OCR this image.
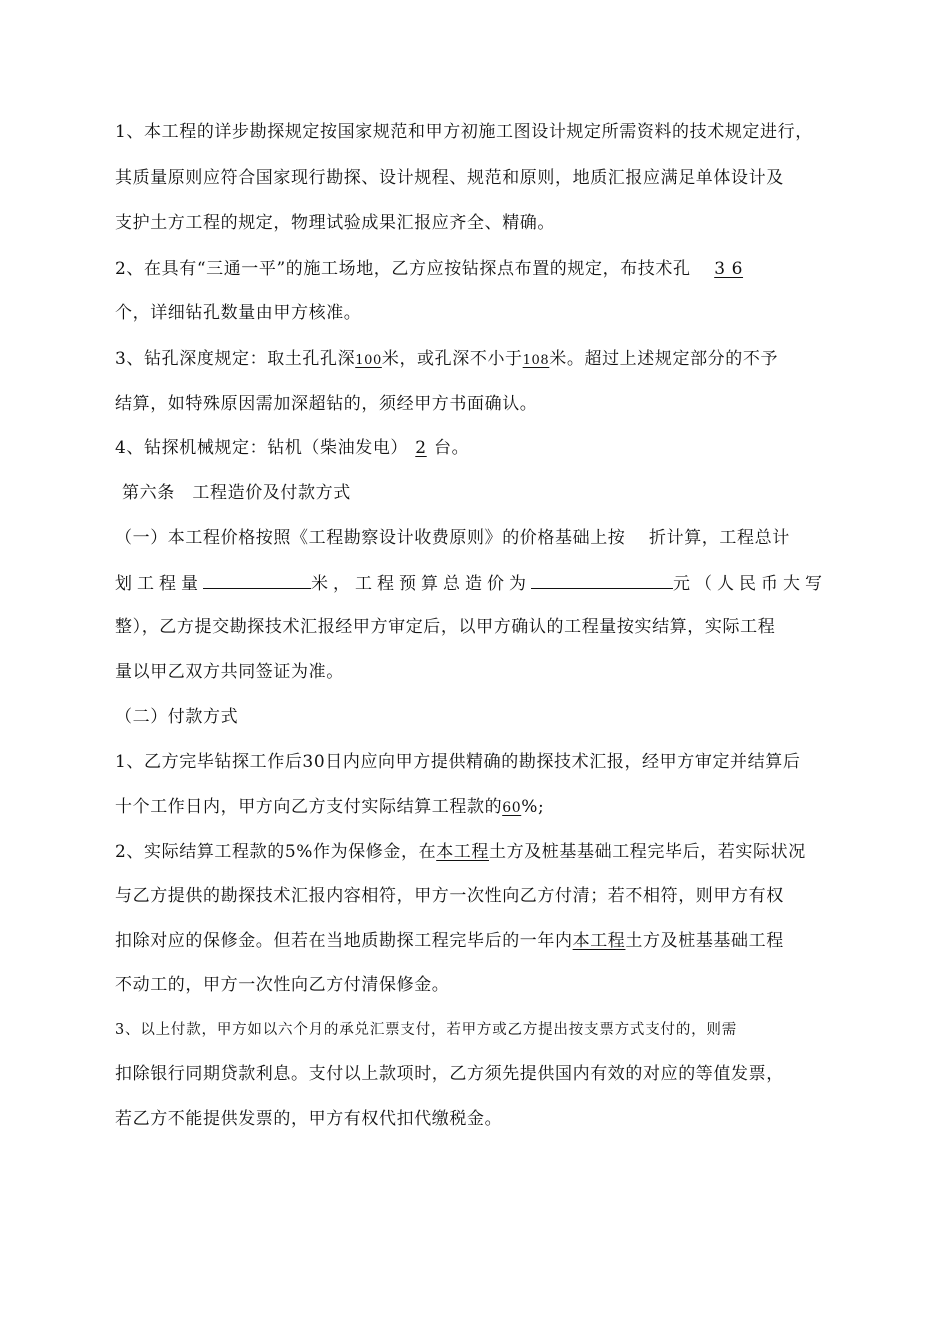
1、本工程的详步勘探规定按国家规范和甲方初施工图设计规定所需资料的技术规定进行，
其质量原则应符合国家现行勘探、设计规程、规范和原则，地质汇报应满足单体设计及
支护土方工程的规定，物理试验成果汇报应齐全、精确。
2、在具有“三通一平”的施工场地，乙方应按钻探点布置的规定，布技术孔 3 6
个，详细钻孔数量由甲方核准。
3、钻孔深度规定：取土孔孔深100米，或孔深不小于108米。超过上述规定部分的不予
结算，如特殊原因需加深超钻的，须经甲方书面确认。
4、钻探机械规定：钻机（柴油发电） 2 台。
第六条　工程造价及付款方式
（一）本工程价格按照《工程勘察设计收费原则》的价格基础上按　 折计算，工程总计
划工程量	米，工程预算总造价为	元（人民币大写
整），乙方提交勘探技术汇报经甲方审定后，以甲方确认的工程量按实结算，实际工程
量以甲乙双方共同签证为准。
（二）付款方式
1、乙方完毕钻探工作后30日内应向甲方提供精确的勘探技术汇报，经甲方审定并结算后
十个工作日内，甲方向乙方支付实际结算工程款的60%;
2、实际结算工程款的5%作为保修金，在本工程土方及桩基基础工程完毕后，若实际状况
与乙方提供的勘探技术汇报内容相符，甲方一次性向乙方付清；若不相符，则甲方有权
扣除对应的保修金。但若在当地质勘探工程完毕后的一年内本工程土方及桩基基础工程
不动工的，甲方一次性向乙方付清保修金。
3、以上付款，甲方如以六个月的承兑汇票支付，若甲方或乙方提出按支票方式支付的，则需
扣除银行同期贷款利息。支付以上款项时，乙方须先提供国内有效的对应的等值发票，
若乙方不能提供发票的，甲方有权代扣代缴税金。
